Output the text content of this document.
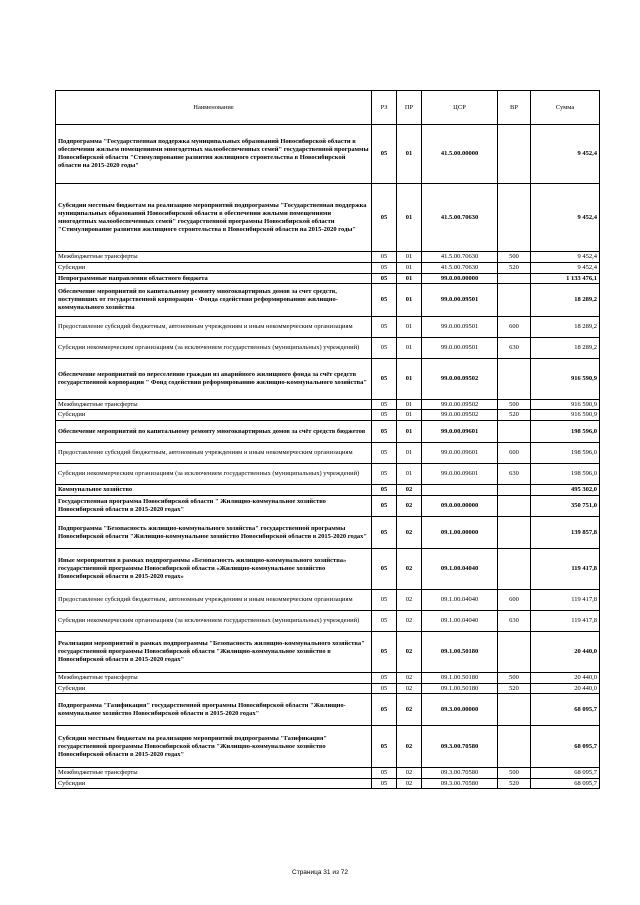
Наименование	РЗ	ПР	ЦСР	ВР	Сумма
Подпрограмма "Государственная поддержка муниципальных образований Новосибирской области в обеспечении жильем помещениями многодетных малообеспеченных семей" государственной программы Новосибирской области "Стимулирование развития жилищного строительства в Новосибирской области на 2015-2020 годы"	05	01	41.5.00.00000		9 452,4
Субсидии местным бюджетам на реализацию мероприятий подпрограммы "Государственная поддержка муниципальных образований Новосибирской области в обеспечении жилыми помещениями многодетных малообеспеченных семей" государственной программы Новосибирской области "Стимулирование развития жилищного строительства в Новосибирской области на 2015-2020 годы"	05	01	41.5.00.70630		9 452,4
Межбюджетные трансферты	05	01	41.5.00.70630	500	9 452,4
Субсидии	05	01	41.5.00.70630	520	9 452,4
Непрограммные направления областного бюджета	05	01	99.0.00.00000		1 133 476,1
Обеспечение мероприятий по капитальному ремонту многоквартирных домов за счет средств, поступивших от государственной корпорации - Фонда содействия реформированию жилищно-коммунального хозяйства	05	01	99.0.00.09501		18 289,2
Предоставление субсидий бюджетным, автономным учреждениям и иным некоммерческим организациям	05	01	99.0.00.09501	600	18 289,2
Субсидии некоммерческим организациям (за исключением государственных (муниципальных) учреждений)	05	01	99.0.00.09501	630	18 289,2
Обеспечение мероприятий по переселению граждан из аварийного жилищного фонда за счёт средств государственной корпорации " Фонд содействия реформированию жилищно-коммунального хозяйства"	05	01	99.0.00.09502		916 590,9
Межбюджетные трансферты	05	01	99.0.00.09502	500	916 590,9
Субсидии	05	01	99.0.00.09502	520	916 590,9
Обеспечение мероприятий по капитальному ремонту многоквартирных домов за счёт средств бюджетов	05	01	99.0.00.09601		198 596,0
Предоставление субсидий бюджетным, автономным учреждениям и иным некоммерческим организациям	05	01	99.0.00.09601	600	198 596,0
Субсидии некоммерческим организациям (за исключением государственных (муниципальных) учреждений)	05	01	99.0.00.09601	630	198 596,0
Коммунальное хозяйство	05	02			495 302,0
Государственная программа Новосибирской области " Жилищно-коммунальное хозяйство Новосибирской области в 2015-2020 годах"	05	02	09.0.00.00000		350 751,0
Подпрограмма "Безопасность жилищно-коммунального хозяйства" государственной программы Новосибирской области "Жилищно-коммунальное хозяйство Новосибирской области в 2015-2020 годах"	05	02	09.1.00.00000		139 857,8
Иные мероприятия в рамках подпрограммы «Безопасность жилищно-коммунального хозяйства» государственной программы Новосибирской области «Жилищно-коммунальное хозяйство Новосибирской области в 2015-2020 годах»	05	02	09.1.00.04040		119 417,8
Предоставление субсидий бюджетным, автономным учреждениям и иным некоммерческим организациям	05	02	09.1.00.04040	600	119 417,8
Субсидии некоммерческим организациям (за исключением государственных (муниципальных) учреждений)	05	02	09.1.00.04040	630	119 417,8
Реализация мероприятий в рамках подпрограммы "Безопасность жилищно-коммунального хозяйства" государственной программы Новосибирской области "Жилищно-коммунальное хозяйство в Новосибирской области в 2015-2020 годах"	05	02	09.1.00.50180		20 440,0
Межбюджетные трансферты	05	02	09.1.00.50180	500	20 440,0
Субсидии	05	02	09.1.00.50180	520	20 440,0
Подпрограмма "Газификация" государственной программы Новосибирской области "Жилищно-коммунальное хозяйство Новосибирской области в 2015-2020 годах"	05	02	09.3.00.00000		68 095,7
Субсидии местным бюджетам на реализацию мероприятий подпрограммы "Газификация" государственной программы Новосибирской области "Жилищно-коммунальное хозяйство Новосибирской области в 2015-2020 годах"	05	02	09.3.00.70580		68 095,7
Межбюджетные трансферты	05	02	09.3.00.70580	500	68 095,7
Субсидии	05	02	09.3.00.70580	520	68 095,7
Страница 31 из 72
